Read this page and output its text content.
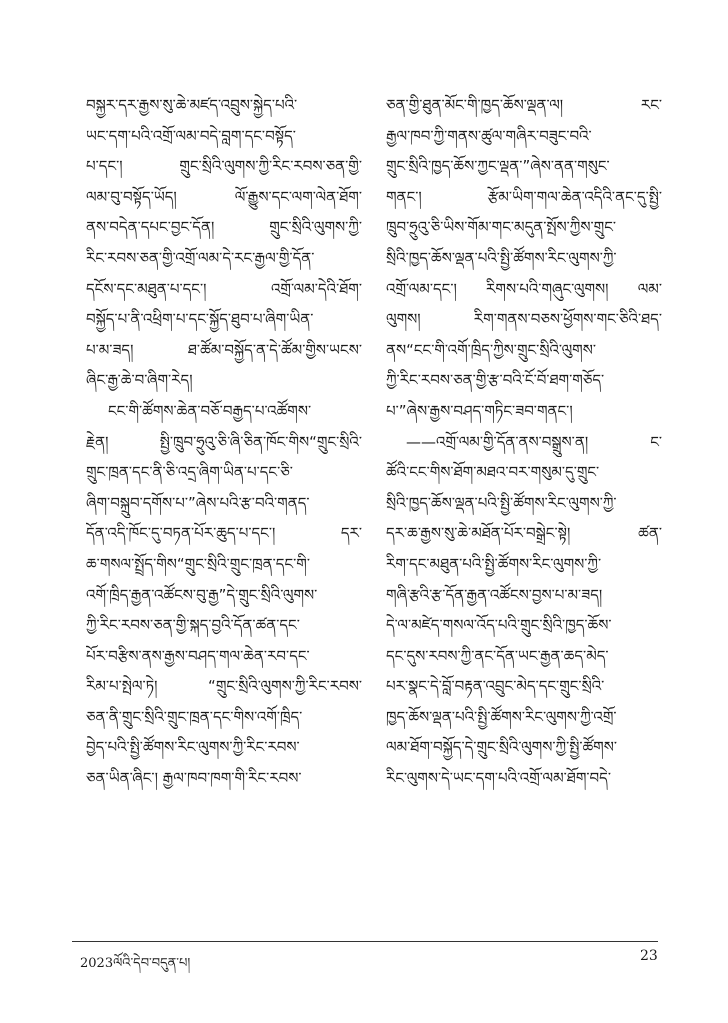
བསྐྱར་དར་རྒྱས་སུ་ཆེ་མཛད་འབྲུས་སྐྱེད་པའི་
ཡང་དག་པའི་འགྲོ་ལམ་བདེ་བླག་དང་བསྟོད་
པ་དང་། གྲུང་སྲིའི་ལུགས་ཀྱི་རིང་རབས་ཅན་གྱི་
ལམ་བུ་བསྟོད་ཡོད། ལོ་རྒྱུས་དང་ལག་ལེན་ཐོག་
ནས་བདེན་དཔང་བྱང་དོན། གྲུང་སྲིའི་ལུགས་ཀྱི་
རིང་རབས་ཅན་གྱི་འགྲོ་ལམ་དེ་རང་རྒྱལ་གྱི་དོན་
དངོས་དང་མཐུན་པ་དང་། འགྲོ་ལམ་དེའི་ཐོག་
བསྐྱོད་པ་ནི་འཕྲིག་པ་དང་སྐྱོད་ཐུབ་པ་ཞིག་ཡིན་
པ་མ་ཟད། ཐ་ཚོམ་བསྐྱོད་ན་དེ་ཚོམ་གྱིས་ཡངས་
ཞིང་རྒྱ་ཆེ་བ་ཞིག་རེད།
ངང་གི་ཚོགས་ཆེན་བཅོ་བརྒྱད་པ་འཚོགས་
རྗེན། སྤྱི་ཁྲུབ་ཧྲུའུ་ཅི་ཞི་ཅིན་ཁོང་གིས“གྲུང་སྲིའི་
གྲུང་ཁྲན་དང་ནི་ཅི་འདྲ་ཞིག་ཡིན་པ་དང་ཅི་
ཞིག་བསྐྲུབ་དགོས་པ་”ཞེས་པའི་རྩ་བའི་གནད་
དོན་འདི་ཁོང་དུ་བཏན་པོར་ཆུད་པ་དང་། དར་
ཆ་གསལ་སྤྲོད་གིས“གྲུང་སྲིའི་གྲུང་ཁྲན་དང་གི་
འགོ་ཁྲིད་རྒྱན་འཚོངས་བུ་རྒྱ”དེ་གྲུང་སྲིའི་ལུགས་
ཀྱི་རིང་རབས་ཅན་གྱི་སྐད་བྱའི་དོན་ཚན་དང་
པོར་བརྩིས་ནས་རྒྱས་བཤད་གལ་ཆེན་རབ་དང་
རིམ་པ་སྤེལ་ཏེ། “གྲུང་སྲིའི་ལུགས་ཀྱི་རིང་རབས་
ཅན་ནི་གྲུང་སྲིའི་གྲུང་ཁྲན་དང་གིས་འགོ་ཁྲིད་
བྱེད་པའི་སྤྱི་ཚོགས་རིང་ལུགས་ཀྱི་རིང་རབས་
ཅན་ཡིན་ཞིང་། རྒྱལ་ཁབ་ཁག་གི་རིང་རབས་
ཅན་གྱི་ཐུན་མོང་གི་ཁྱད་ཆོས་ལྡན་ལ། རང་
རྒྱལ་ཁབ་ཀྱི་གནས་ཚུལ་གཞིར་བཟུང་བའི་
གྲུང་སྲིའི་ཁྱད་ཆོས་ཀྱང་ལྡན་”ཞེས་ནན་གསུང་
གནང་། རྩོམ་ཡིག་གལ་ཆེན་འདིའི་ནང་དུ་སྤྱི་
ཁྲུབ་ཧྲུའུ་ཅི་ཡིས་གོམ་གང་མདུན་སྤོས་ཀྱིས་གྲུང་
སྲིའི་ཁྱད་ཆོས་ལྡན་པའི་སྤྱི་ཚོགས་རིང་ལུགས་ཀྱི་
འགྲོ་ལམ་དང་། རིགས་པའི་གཞུང་ལུགས། ལམ་
ལུགས། རིག་གནས་བཅས་ཕྱོགས་གང་ཅིའི་ཐད་
ནས“ངང་གི་འགོ་ཁྲིད་ཀྱིས་གྲུང་སྲིའི་ལུགས་
ཀྱི་རིང་རབས་ཅན་གྱི་རྩ་བའི་ངོ་བོ་ཐག་གཅོད་
པ་”ཞེས་རྒྱས་བཤད་གཏིང་ཟབ་གནང་།
——འགྲོ་ལམ་གྱི་དོན་ནས་བསྒྲུས་ན། ང་
ཚོའི་ངང་གིས་ཐོག་མཐའ་བར་གསུམ་དུ་གྲུང་
སྲིའི་ཁྱད་ཆོས་ལྡན་པའི་སྤྱི་ཚོགས་རིང་ལུགས་ཀྱི་
དར་ཆ་རྒྱས་སུ་ཆེ་མཐོན་པོར་བསྒྲེང་སྟེ། ཚན་
རིག་དང་མཐུན་པའི་སྤྱི་ཚོགས་རིང་ལུགས་ཀྱི་
གཞི་རྩའི་རྩ་དོན་རྒྱན་འཚོངས་བྱས་པ་མ་ཟད།
དེ་ལ་མཛེད་གསལ་འོད་པའི་གྲུང་སྲིའི་ཁྱད་ཆོས་
དང་དུས་རབས་ཀྱི་ནང་དོན་ཡང་རྒྱན་ཆད་མེད་
པར་སྣང་དེ་བློ་བརྟན་འབྲུང་མེད་དང་གྲུང་སྲིའི་
ཁྱད་ཆོས་ལྡན་པའི་སྤྱི་ཚོགས་རིང་ལུགས་ཀྱི་འགྲོ་
ལམ་ཐོག་བསྐྱོད་དེ་གྲུང་སྲིའི་ལུགས་ཀྱི་སྤྱི་ཚོགས་
རིང་ལུགས་དེ་ཡང་དག་པའི་འགྲོ་ལམ་ཐོག་བདེ་
2023ལོའི་དེབ་བདུན་པ།	23
